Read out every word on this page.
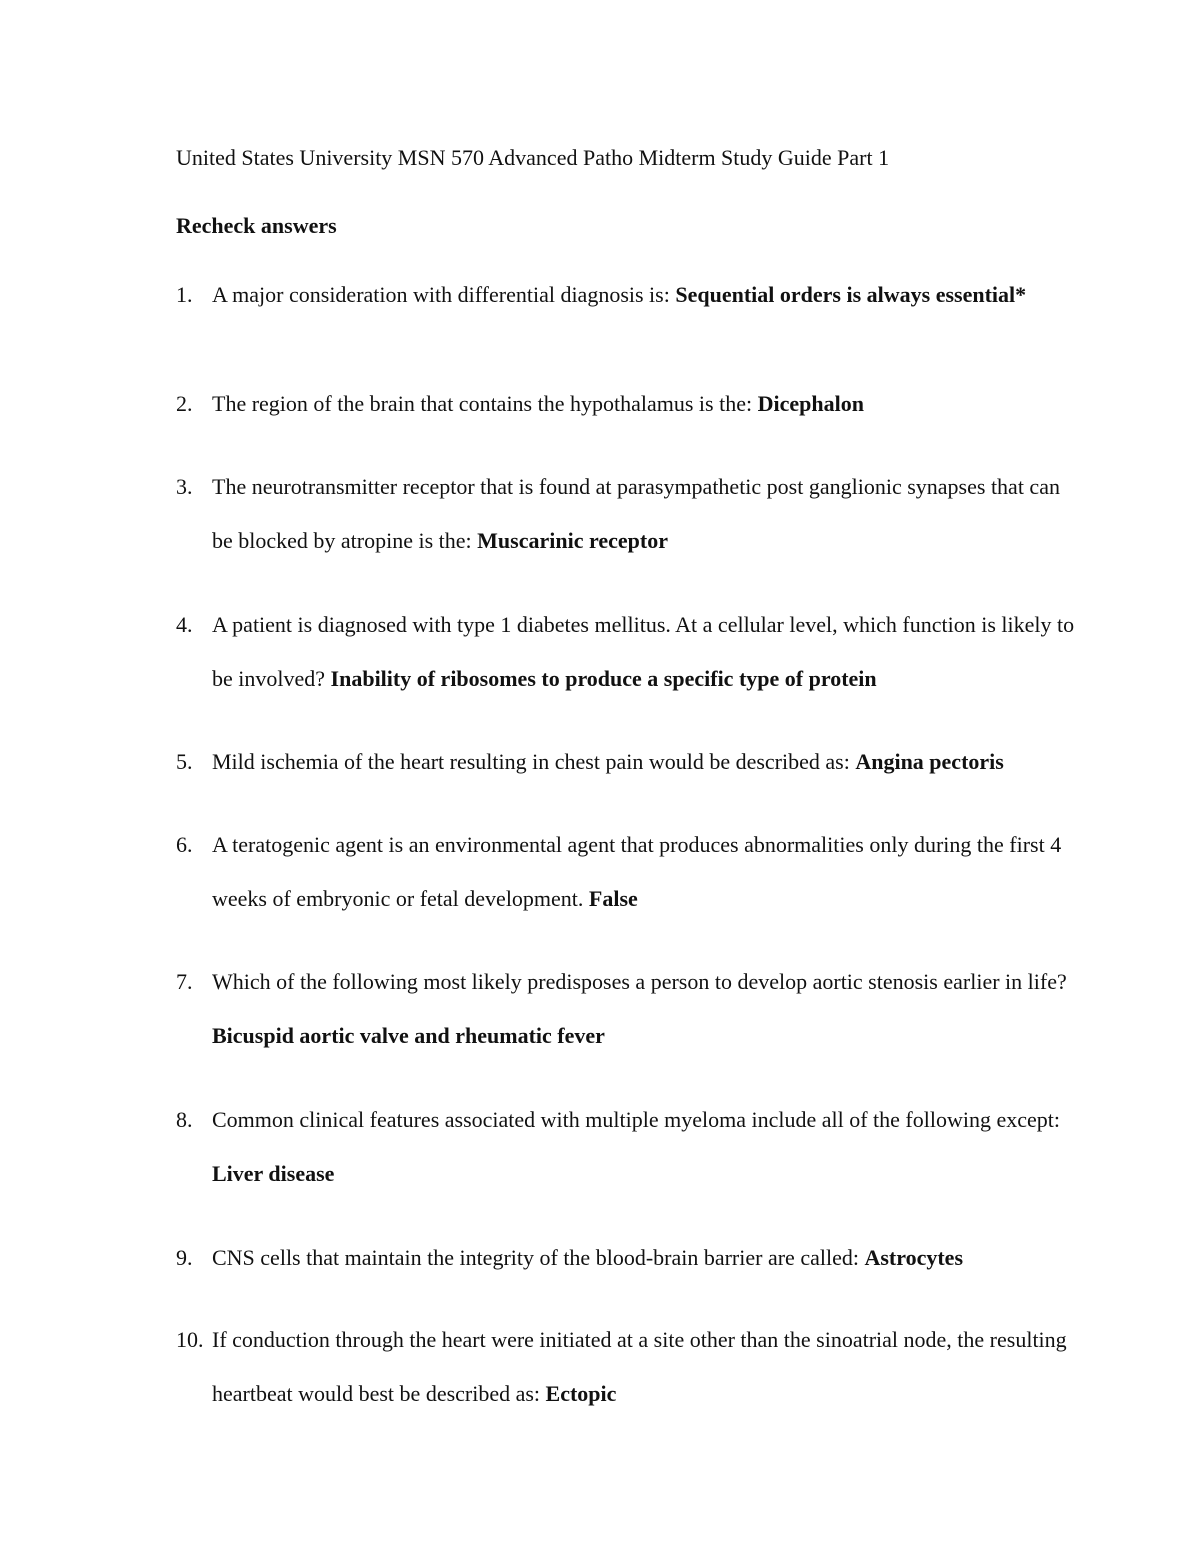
United States University MSN 570 Advanced Patho Midterm Study Guide Part 1
Recheck answers
1. A major consideration with differential diagnosis is: Sequential orders is always essential*
2. The region of the brain that contains the hypothalamus is the: Dicephalon
3. The neurotransmitter receptor that is found at parasympathetic post ganglionic synapses that can be blocked by atropine is the: Muscarinic receptor
4. A patient is diagnosed with type 1 diabetes mellitus. At a cellular level, which function is likely to be involved? Inability of ribosomes to produce a specific type of protein
5. Mild ischemia of the heart resulting in chest pain would be described as: Angina pectoris
6. A teratogenic agent is an environmental agent that produces abnormalities only during the first 4 weeks of embryonic or fetal development. False
7. Which of the following most likely predisposes a person to develop aortic stenosis earlier in life? Bicuspid aortic valve and rheumatic fever
8. Common clinical features associated with multiple myeloma include all of the following except: Liver disease
9. CNS cells that maintain the integrity of the blood-brain barrier are called: Astrocytes
10. If conduction through the heart were initiated at a site other than the sinoatrial node, the resulting heartbeat would best be described as: Ectopic
